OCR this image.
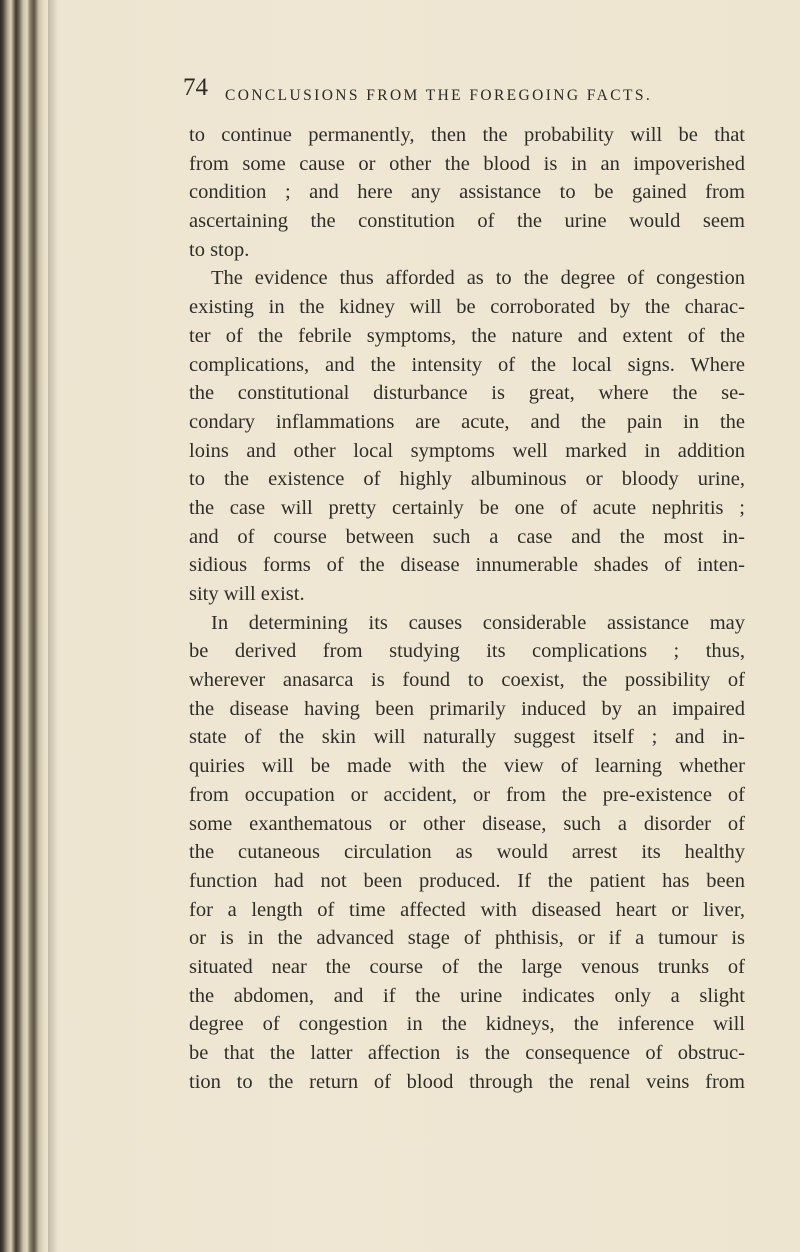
74 CONCLUSIONS FROM THE FOREGOING FACTS.
to continue permanently, then the probability will be that
from some cause or other the blood is in an impoverished
condition ; and here any assistance to be gained from
ascertaining the constitution of the urine would seem
to stop.
The evidence thus afforded as to the degree of congestion
existing in the kidney will be corroborated by the charac-
ter of the febrile symptoms, the nature and extent of the
complications, and the intensity of the local signs. Where
the constitutional disturbance is great, where the se-
condary inflammations are acute, and the pain in the
loins and other local symptoms well marked in addition
to the existence of highly albuminous or bloody urine,
the case will pretty certainly be one of acute nephritis ;
and of course between such a case and the most in-
sidious forms of the disease innumerable shades of inten-
sity will exist.
In determining its causes considerable assistance may
be derived from studying its complications ; thus,
wherever anasarca is found to coexist, the possibility of
the disease having been primarily induced by an impaired
state of the skin will naturally suggest itself ; and in-
quiries will be made with the view of learning whether
from occupation or accident, or from the pre-existence of
some exanthematous or other disease, such a disorder of
the cutaneous circulation as would arrest its healthy
function had not been produced. If the patient has been
for a length of time affected with diseased heart or liver,
or is in the advanced stage of phthisis, or if a tumour is
situated near the course of the large venous trunks of
the abdomen, and if the urine indicates only a slight
degree of congestion in the kidneys, the inference will
be that the latter affection is the consequence of obstruc-
tion to the return of blood through the renal veins from
